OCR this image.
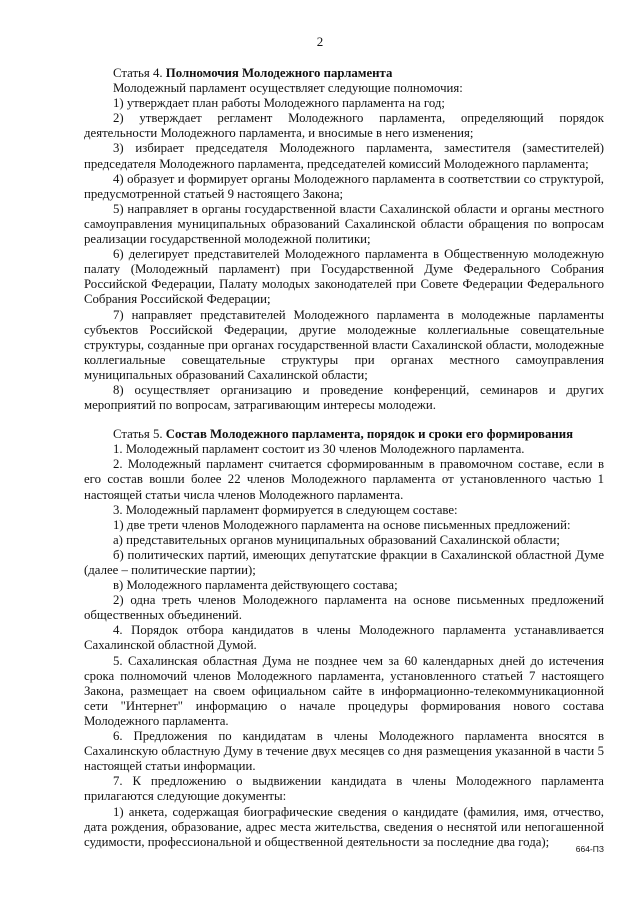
2

Статья 4. Полномочия Молодежного парламента

Молодежный парламент осуществляет следующие полномочия:

1) утверждает план работы Молодежного парламента на год;

2) утверждает регламент Молодежного парламента, определяющий порядок деятельности Молодежного парламента, и вносимые в него изменения;

3) избирает председателя Молодежного парламента, заместителя (заместителей) председателя Молодежного парламента, председателей комиссий Молодежного парламента;

4) образует и формирует органы Молодежного парламента в соответствии со структурой, предусмотренной статьей 9 настоящего Закона;

5) направляет в органы государственной власти Сахалинской области и органы местного самоуправления муниципальных образований Сахалинской области обращения по вопросам реализации государственной молодежной политики;

6) делегирует представителей Молодежного парламента в Общественную молодежную палату (Молодежный парламент) при Государственной Думе Федерального Собрания Российской Федерации, Палату молодых законодателей при Совете Федерации Федерального Собрания Российской Федерации;

7) направляет представителей Молодежного парламента в молодежные парламенты субъектов Российской Федерации, другие молодежные коллегиальные совещательные структуры, созданные при органах государственной власти Сахалинской области, молодежные коллегиальные совещательные структуры при органах местного самоуправления муниципальных образований Сахалинской области;

8) осуществляет организацию и проведение конференций, семинаров и других мероприятий по вопросам, затрагивающим интересы молодежи.

Статья 5. Состав Молодежного парламента, порядок и сроки его формирования

1. Молодежный парламент состоит из 30 членов Молодежного парламента.

2. Молодежный парламент считается сформированным в правомочном составе, если в его состав вошли более 22 членов Молодежного парламента от установленного частью 1 настоящей статьи числа членов Молодежного парламента.

3. Молодежный парламент формируется в следующем составе:

1) две трети членов Молодежного парламента на основе письменных предложений:

а) представительных органов муниципальных образований Сахалинской области;

б) политических партий, имеющих депутатские фракции в Сахалинской областной Думе (далее – политические партии);

в) Молодежного парламента действующего состава;

2) одна треть членов Молодежного парламента на основе письменных предложений общественных объединений.

4. Порядок отбора кандидатов в члены Молодежного парламента устанавливается Сахалинской областной Думой.

5. Сахалинская областная Дума не позднее чем за 60 календарных дней до истечения срока полномочий членов Молодежного парламента, установленного статьей 7 настоящего Закона, размещает на своем официальном сайте в информационно-телекоммуникационной сети "Интернет" информацию о начале процедуры формирования нового состава Молодежного парламента.

6. Предложения по кандидатам в члены Молодежного парламента вносятся в Сахалинскую областную Думу в течение двух месяцев со дня размещения указанной в части 5 настоящей статьи информации.

7. К предложению о выдвижении кандидата в члены Молодежного парламента прилагаются следующие документы:

1) анкета, содержащая биографические сведения о кандидате (фамилия, имя, отчество, дата рождения, образование, адрес места жительства, сведения о неснятой или непогашенной судимости, профессиональной и общественной деятельности за последние два года);

664-ПЗ
